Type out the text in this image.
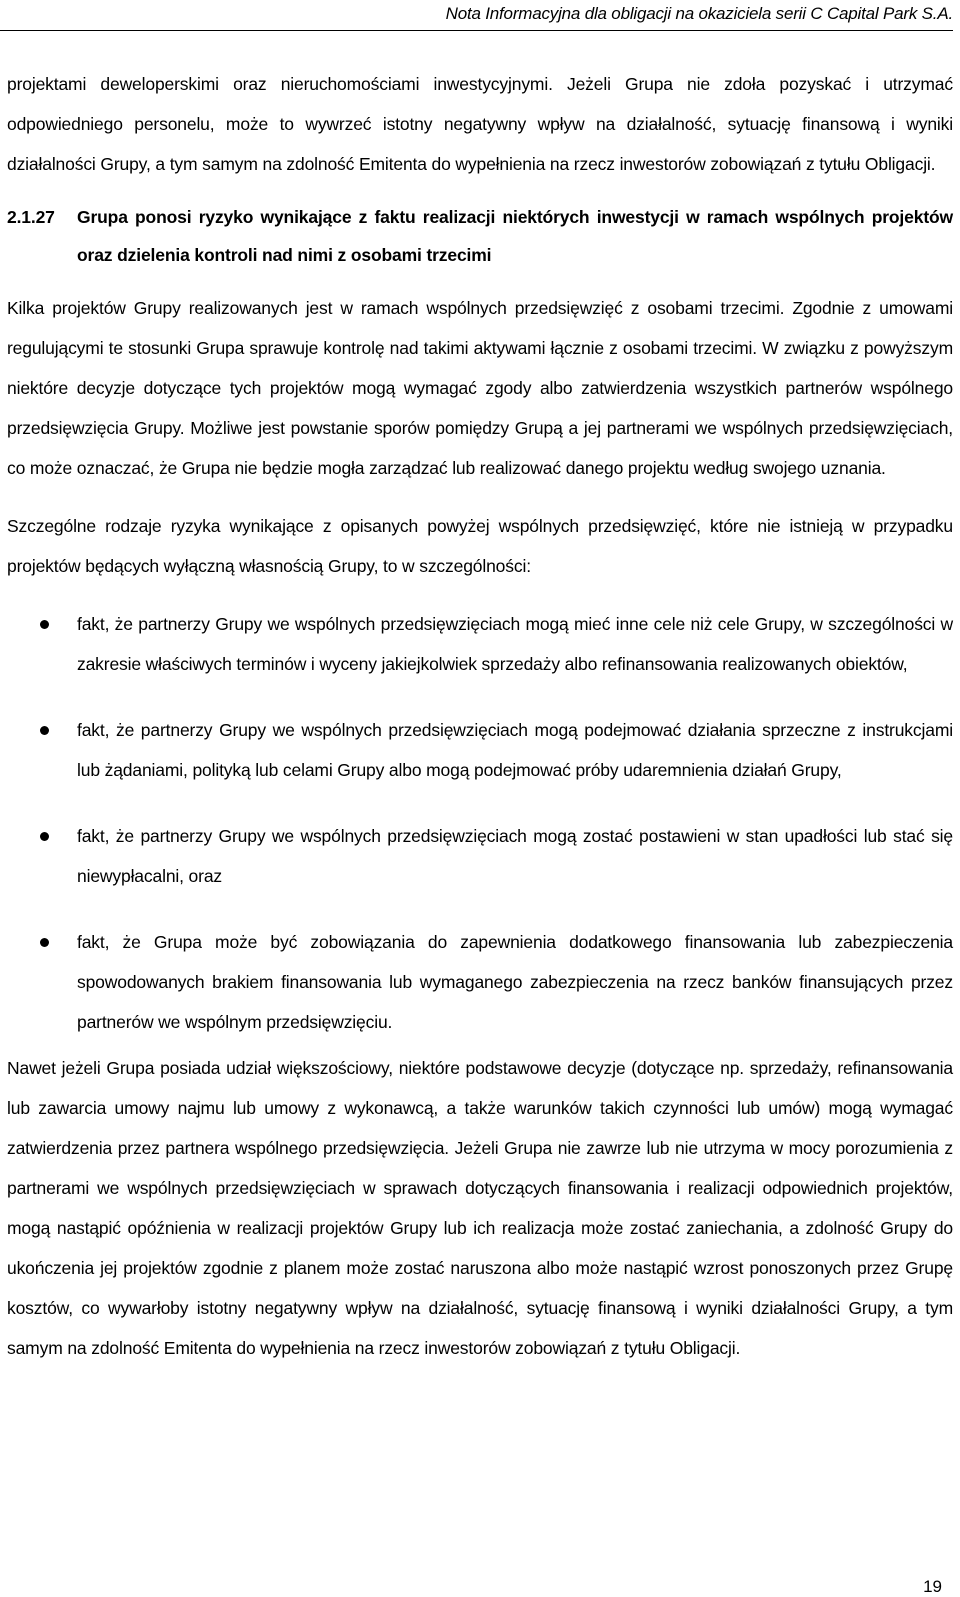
Nota Informacyjna dla obligacji na okaziciela serii C Capital Park S.A.

projektami deweloperskimi oraz nieruchomościami inwestycyjnymi. Jeżeli Grupa nie zdoła pozyskać i utrzymać odpowiedniego personelu, może to wywrzeć istotny negatywny wpływ na działalność, sytuację finansową i wyniki działalności Grupy, a tym samym na zdolność Emitenta do wypełnienia na rzecz inwestorów zobowiązań z tytułu Obligacji.

2.1.27 Grupa ponosi ryzyko wynikające z faktu realizacji niektórych inwestycji w ramach wspólnych projektów oraz dzielenia kontroli nad nimi z osobami trzecimi

Kilka projektów Grupy realizowanych jest w ramach wspólnych przedsięwzięć z osobami trzecimi. Zgodnie z umowami regulującymi te stosunki Grupa sprawuje kontrolę nad takimi aktywami łącznie z osobami trzecimi. W związku z powyższym niektóre decyzje dotyczące tych projektów mogą wymagać zgody albo zatwierdzenia wszystkich partnerów wspólnego przedsięwzięcia Grupy. Możliwe jest powstanie sporów pomiędzy Grupą a jej partnerami we wspólnych przedsięwzięciach, co może oznaczać, że Grupa nie będzie mogła zarządzać lub realizować danego projektu według swojego uznania.

Szczególne rodzaje ryzyka wynikające z opisanych powyżej wspólnych przedsięwzięć, które nie istnieją w przypadku projektów będących wyłączną własnością Grupy, to w szczególności:

fakt, że partnerzy Grupy we wspólnych przedsięwzięciach mogą mieć inne cele niż cele Grupy, w szczególności w zakresie właściwych terminów i wyceny jakiejkolwiek sprzedaży albo refinansowania realizowanych obiektów,
fakt, że partnerzy Grupy we wspólnych przedsięwzięciach mogą podejmować działania sprzeczne z instrukcjami lub żądaniami, polityką lub celami Grupy albo mogą podejmować próby udaremnienia działań Grupy,
fakt, że partnerzy Grupy we wspólnych przedsięwzięciach mogą zostać postawieni w stan upadłości lub stać się niewypłacalni, oraz
fakt, że Grupa może być zobowiązania do zapewnienia dodatkowego finansowania lub zabezpieczenia spowodowanych brakiem finansowania lub wymaganego zabezpieczenia na rzecz banków finansujących przez partnerów we wspólnym przedsięwzięciu.

Nawet jeżeli Grupa posiada udział większościowy, niektóre podstawowe decyzje (dotyczące np. sprzedaży, refinansowania lub zawarcia umowy najmu lub umowy z wykonawcą, a także warunków takich czynności lub umów) mogą wymagać zatwierdzenia przez partnera wspólnego przedsięwzięcia. Jeżeli Grupa nie zawrze lub nie utrzyma w mocy porozumienia z partnerami we wspólnych przedsięwzięciach w sprawach dotyczących finansowania i realizacji odpowiednich projektów, mogą nastąpić opóźnienia w realizacji projektów Grupy lub ich realizacja może zostać zaniechania, a zdolność Grupy do ukończenia jej projektów zgodnie z planem może zostać naruszona albo może nastąpić wzrost ponoszonych przez Grupę kosztów, co wywarłoby istotny negatywny wpływ na działalność, sytuację finansową i wyniki działalności Grupy, a tym samym na zdolność Emitenta do wypełnienia na rzecz inwestorów zobowiązań z tytułu Obligacji.

19
